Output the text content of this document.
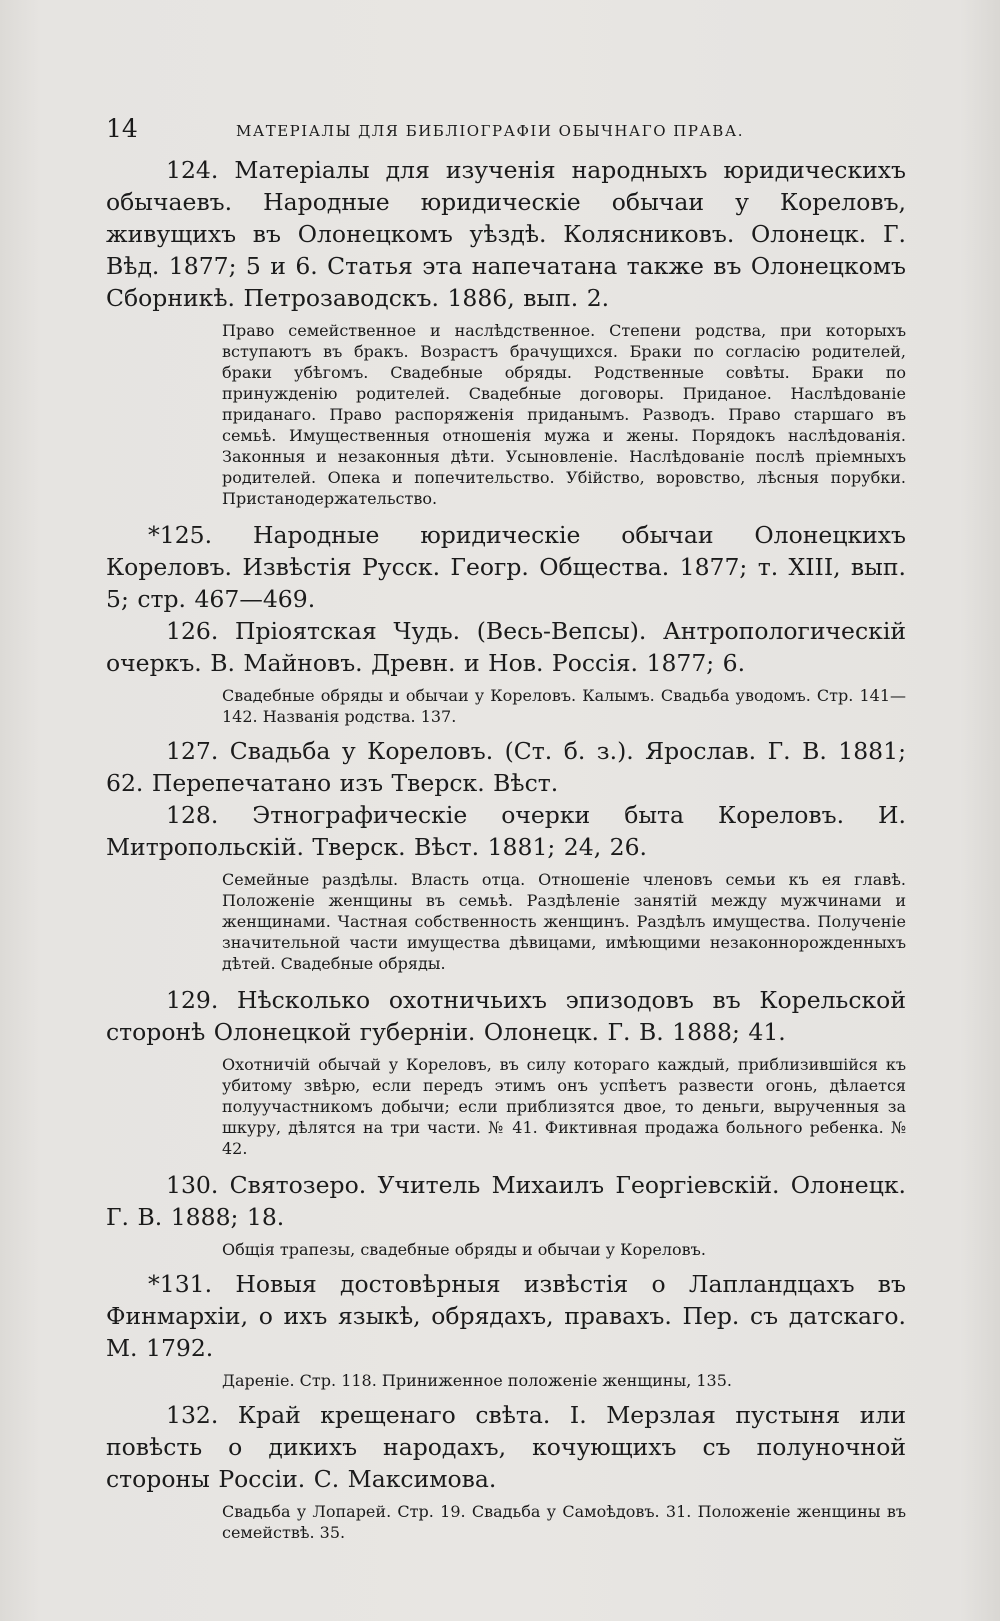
14	МАТЕРІАЛЫ ДЛЯ БИБЛІОГРАФІИ ОБЫЧНАГО ПРАВА.

124. Матеріалы для изученія народныхъ юридическихъ обычаевъ. Народные юридическіе обычаи у Кореловъ, живущихъ въ Олонецкомъ уѣздѣ. Колясниковъ. Олонецк. Г. Вѣд. 1877; 5 и 6. Статья эта напечатана также въ Олонецкомъ Сборникѣ. Петрозаводскъ. 1886, вып. 2.

Право семейственное и наслѣдственное. Степени родства, при которыхъ вступаютъ въ бракъ. Возрастъ брачущихся. Браки по согласію родителей, браки убѣгомъ. Свадебные обряды. Родственные совѣты. Браки по принужденію родителей. Свадебные договоры. Приданое. Наслѣдованіе приданаго. Право распоряженія приданымъ. Разводъ. Право старшаго въ семьѣ. Имущественныя отношенія мужа и жены. Порядокъ наслѣдованія. Законныя и незаконныя дѣти. Усыновленіе. Наслѣдованіе послѣ пріемныхъ родителей. Опека и попечительство. Убійство, воровство, лѣсныя порубки. Пристанодержательство.

*125. Народные юридическіе обычаи Олонецкихъ Кореловъ. Извѣстія Русск. Геогр. Общества. 1877; т. XIII, вып. 5; стр. 467—469.

126. Пріоятская Чудь. (Весь-Вепсы). Антропологическій очеркъ. В. Майновъ. Древн. и Нов. Россія. 1877; 6.

Свадебные обряды и обычаи у Кореловъ. Калымъ. Свадьба уводомъ. Стр. 141—142. Названія родства. 137.

127. Свадьба у Кореловъ. (Ст. б. з.). Ярослав. Г. В. 1881; 62. Перепечатано изъ Тверск. Вѣст.

128. Этнографическіе очерки быта Кореловъ. И. Митропольскій. Тверск. Вѣст. 1881; 24, 26.

Семейные раздѣлы. Власть отца. Отношеніе членовъ семьи къ ея главѣ. Положеніе женщины въ семьѣ. Раздѣленіе занятій между мужчинами и женщинами. Частная собственность женщинъ. Раздѣлъ имущества. Полученіе значительной части имущества дѣвицами, имѣющими незаконнорожденныхъ дѣтей. Свадебные обряды.

129. Нѣсколько охотничьихъ эпизодовъ въ Корельской сторонѣ Олонецкой губерніи. Олонецк. Г. В. 1888; 41.

Охотничій обычай у Кореловъ, въ силу котораго каждый, приблизившійся къ убитому звѣрю, если передъ этимъ онъ успѣетъ развести огонь, дѣлается полуучастникомъ добычи; если приблизятся двое, то деньги, вырученныя за шкуру, дѣлятся на три части. № 41. Фиктивная продажа больного ребенка. № 42.

130. Святозеро. Учитель Михаилъ Георгіевскій. Олонецк. Г. В. 1888; 18.

Общія трапезы, свадебные обряды и обычаи у Кореловъ.

*131. Новыя достовѣрныя извѣстія о Лапландцахъ въ Финмархіи, о ихъ языкѣ, обрядахъ, правахъ. Пер. съ датскаго. М. 1792.

Дареніе. Стр. 118. Приниженное положеніе женщины, 135.

132. Край крещенаго свѣта. I. Мерзлая пустыня или повѣсть о дикихъ народахъ, кочующихъ съ полуночной стороны Россіи. С. Максимова.

Свадьба у Лопарей. Стр. 19. Свадьба у Самоѣдовъ. 31. Положеніе женщины въ семействѣ. 35.
